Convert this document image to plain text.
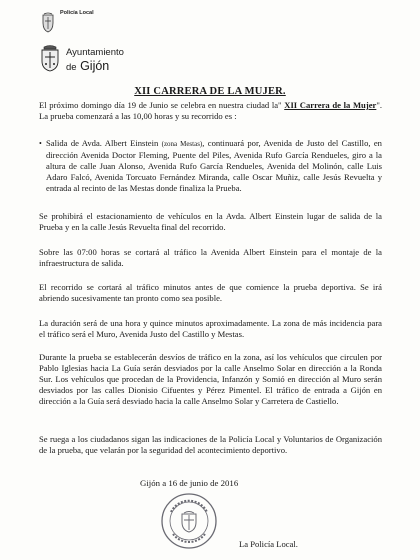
Policía Local
Ayuntamiento
de Gijón
XII CARRERA DE LA MUJER.

El próximo domingo día 19 de Junio se celebra en nuestra ciudad la" XII Carrera de la Mujer". La prueba comenzará a las 10,00 horas y su recorrido es :

• Salida de Avda. Albert Einstein (zona Mestas), continuará por, Avenida de Justo del Castillo, en dirección Avenida Doctor Fleming, Puente del Piles, Avenida Rufo García Rendueles, giro a la altura de calle Juan Alonso, Avenida Rufo García Rendueles, Avenida del Molinón, calle Luis Adaro Falcó, Avenida Torcuato Fernández Miranda, calle Oscar Muñiz, calle Jesús Revuelta y entrada al recinto de las Mestas donde finaliza la Prueba.

Se prohibirá el estacionamiento de vehículos en la Avda. Albert Einstein lugar de salida de la Prueba y en la calle Jesús Revuelta final del recorrido.

Sobre las 07:00 horas se cortará al tráfico la Avenida Albert Einstein para el montaje de la infraestructura de salida.

El recorrido se cortará al tráfico minutos antes de que comience la prueba deportiva. Se irá abriendo sucesivamente tan pronto como sea posible.

La duración será de una hora y quince minutos aproximadamente. La zona de más incidencia para el tráfico será el Muro, Avenida Justo del Castillo y Mestas.

Durante la prueba se establecerán desvíos de tráfico en la zona, así los vehículos que circulen por Pablo Iglesias hacia La Guía serán desviados por la calle Anselmo Solar en dirección a la Ronda Sur. Los vehículos que procedan de la Providencia, Infanzón y Somió en dirección al Muro serán desviados por las calles Dionisio Cifuentes y Pérez Pimentel. El tráfico de entrada a Gijón en dirección a la Guía será desviado hacia la calle Anselmo Solar y Carretera de Castiello.

Se ruega a los ciudadanos sigan las indicaciones de la Policía Local y Voluntarios de Organización de la prueba, que velarán por la seguridad del acontecimiento deportivo.

Gijón a 16 de junio de 2016
La Policía Local.
